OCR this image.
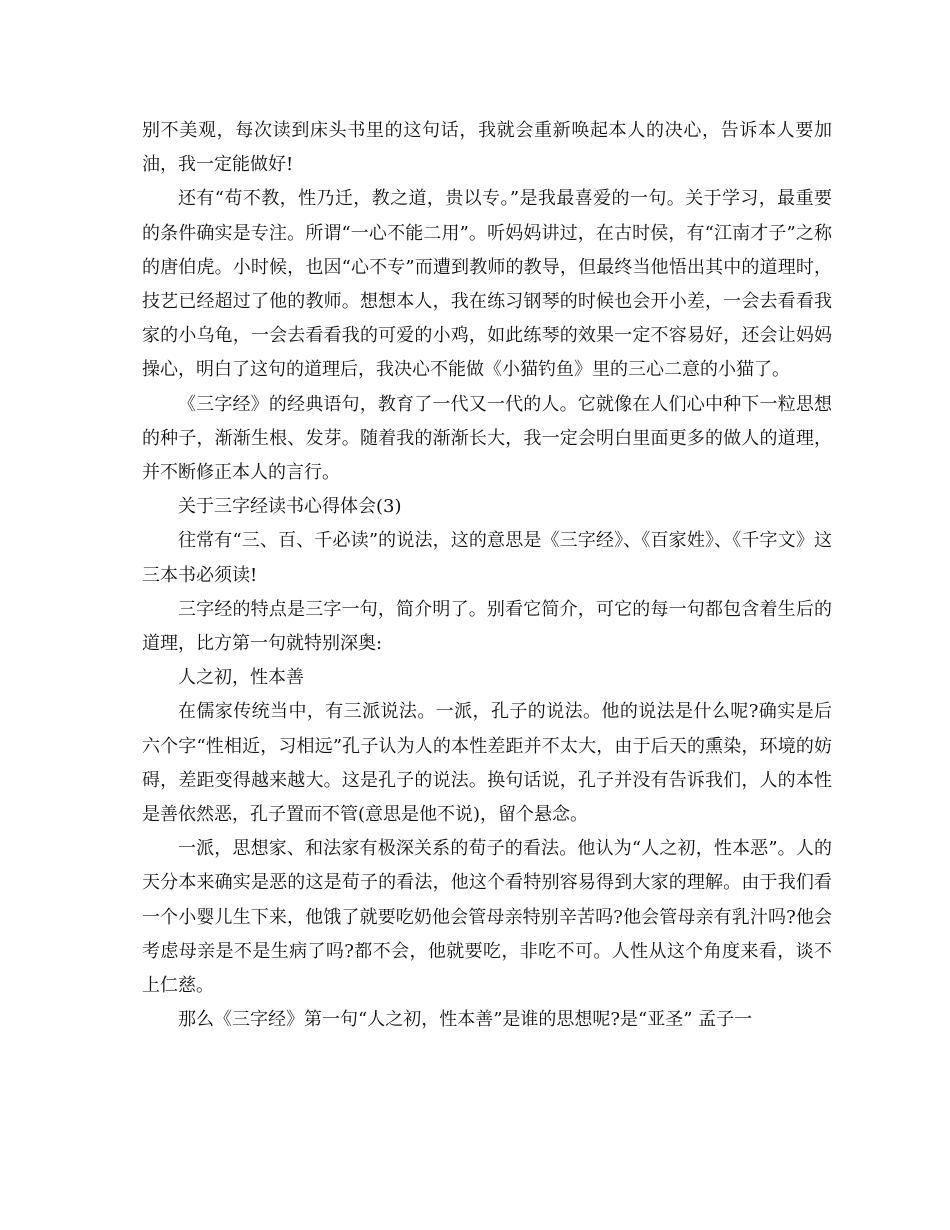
别不美观，每次读到床头书里的这句话，我就会重新唤起本人的决心，告诉本人要加油，我一定能做好!

还有“苟不教，性乃迁，教之道，贵以专。”是我最喜爱的一句。关于学习，最重要的条件确实是专注。所谓“一心不能二用”。听妈妈讲过，在古时侯，有“江南才子”之称的唐伯虎。小时候，也因“心不专”而遭到教师的教导，但最终当他悟出其中的道理时，技艺已经超过了他的教师。想想本人，我在练习钢琴的时候也会开小差，一会去看看我家的小乌龟，一会去看看我的可爱的小鸡，如此练琴的效果一定不容易好，还会让妈妈操心，明白了这句的道理后，我决心不能做《小猫钓鱼》里的三心二意的小猫了。

《三字经》的经典语句，教育了一代又一代的人。它就像在人们心中种下一粒思想的种子，渐渐生根、发芽。随着我的渐渐长大，我一定会明白里面更多的做人的道理，并不断修正本人的言行。

关于三字经读书心得体会(3)

往常有“三、百、千必读”的说法，这的意思是《三字经》、《百家姓》、《千字文》这三本书必须读!

三字经的特点是三字一句，简介明了。别看它简介，可它的每一句都包含着生后的道理，比方第一句就特别深奥:

人之初，性本善

在儒家传统当中，有三派说法。一派，孔子的说法。他的说法是什么呢?确实是后六个字“性相近，习相远”孔子认为人的本性差距并不太大，由于后天的熏染，环境的妨碍，差距变得越来越大。这是孔子的说法。换句话说，孔子并没有告诉我们，人的本性是善依然恶，孔子置而不管(意思是他不说)，留个悬念。

一派，思想家、和法家有极深关系的荀子的看法。他认为“人之初，性本恶”。人的天分本来确实是恶的这是荀子的看法，他这个看特别容易得到大家的理解。由于我们看一个小婴儿生下来，他饿了就要吃奶他会管母亲特别辛苦吗?他会管母亲有乳汁吗?他会考虑母亲是不是生病了吗?都不会，他就要吃，非吃不可。人性从这个角度来看，谈不上仁慈。

那么《三字经》第一句“人之初，性本善”是谁的思想呢?是“亚圣” 孟子一
